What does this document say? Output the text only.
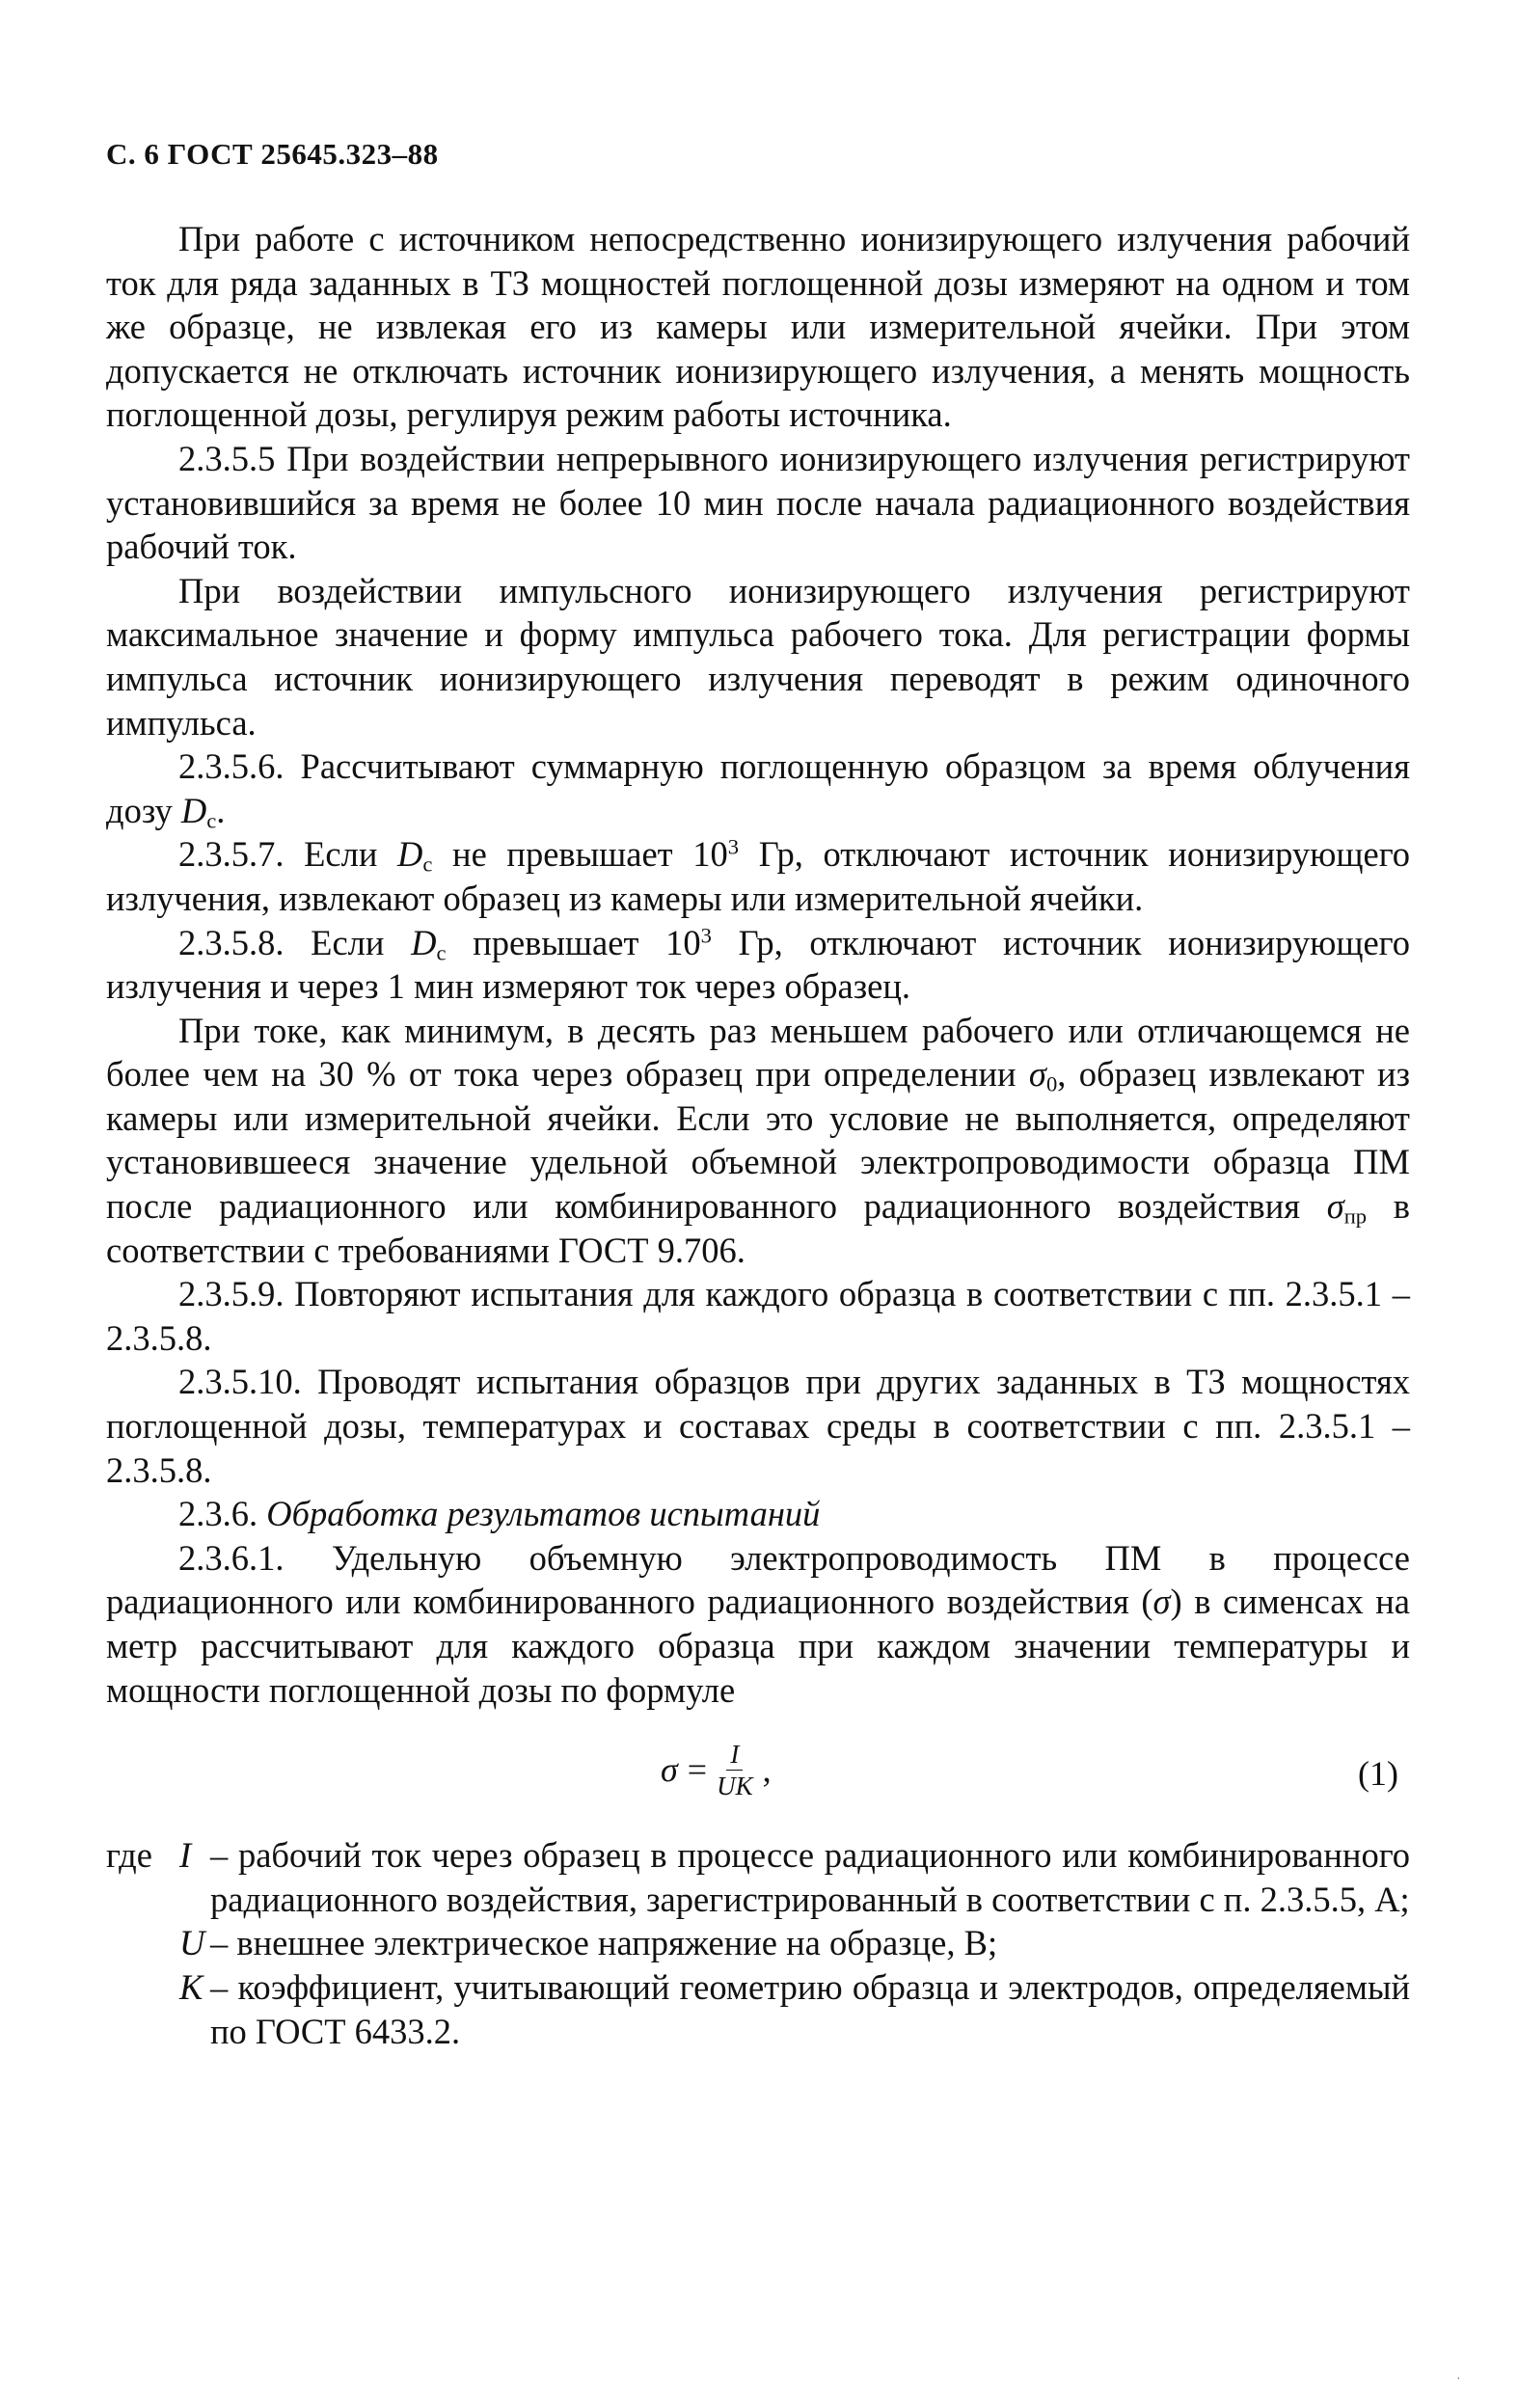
С. 6 ГОСТ 25645.323–88

При работе с источником непосредственно ионизирующего излучения рабочий ток для ряда заданных в ТЗ мощностей поглощенной дозы измеряют на одном и том же образце, не извлекая его из камеры или измерительной ячейки. При этом допускается не отключать источник ионизирующего излучения, а менять мощность поглощенной дозы, регулируя режим работы источника.

2.3.5.5 При воздействии непрерывного ионизирующего излучения регистрируют установившийся за время не более 10 мин после начала радиационного воздействия рабочий ток.

При воздействии импульсного ионизирующего излучения регистрируют максимальное значение и форму импульса рабочего тока. Для регистрации формы импульса источник ионизирующего излучения переводят в режим одиночного импульса.

2.3.5.6. Рассчитывают суммарную поглощенную образцом за время облучения дозу $D_c$.

2.3.5.7. Если $D_c$ не превышает $10^3$ Гр, отключают источник ионизирующего излучения, извлекают образец из камеры или измерительной ячейки.

2.3.5.8. Если $D_c$ превышает $10^3$ Гр, отключают источник ионизирующего излучения и через 1 мин измеряют ток через образец.

При токе, как минимум, в десять раз меньшем рабочего или отличающемся не более чем на 30 % от тока через образец при определении $\sigma_0$, образец извлекают из камеры или измерительной ячейки. Если это условие не выполняется, определяют установившееся значение удельной объемной электропроводимости образца ПМ после радиационного или комбинированного радиационного воздействия $\sigma_{пр}$ в соответствии с требованиями ГОСТ 9.706.

2.3.5.9. Повторяют испытания для каждого образца в соответствии с пп. 2.3.5.1 – 2.3.5.8.

2.3.5.10. Проводят испытания образцов при других заданных в ТЗ мощностях поглощенной дозы, температурах и составах среды в соответствии с пп. 2.3.5.1 – 2.3.5.8.

2.3.6. Обработка результатов испытаний

2.3.6.1. Удельную объемную электропроводимость ПМ в процессе радиационного или комбинированного радиационного воздействия (σ) в сименсах на метр рассчитывают для каждого образца при каждом значении температуры и мощности поглощенной дозы по формуле

$\sigma = \frac{I}{UK}$ ,	(1)
где I – рабочий ток через образец в процессе радиационного или комбинированного радиационного воздействия, зарегистрированный в соответствии с п. 2.3.5.5, А;
U – внешнее электрическое напряжение на образце, В;
K – коэффициент, учитывающий геометрию образца и электродов, определяемый по ГОСТ 6433.2.
·
